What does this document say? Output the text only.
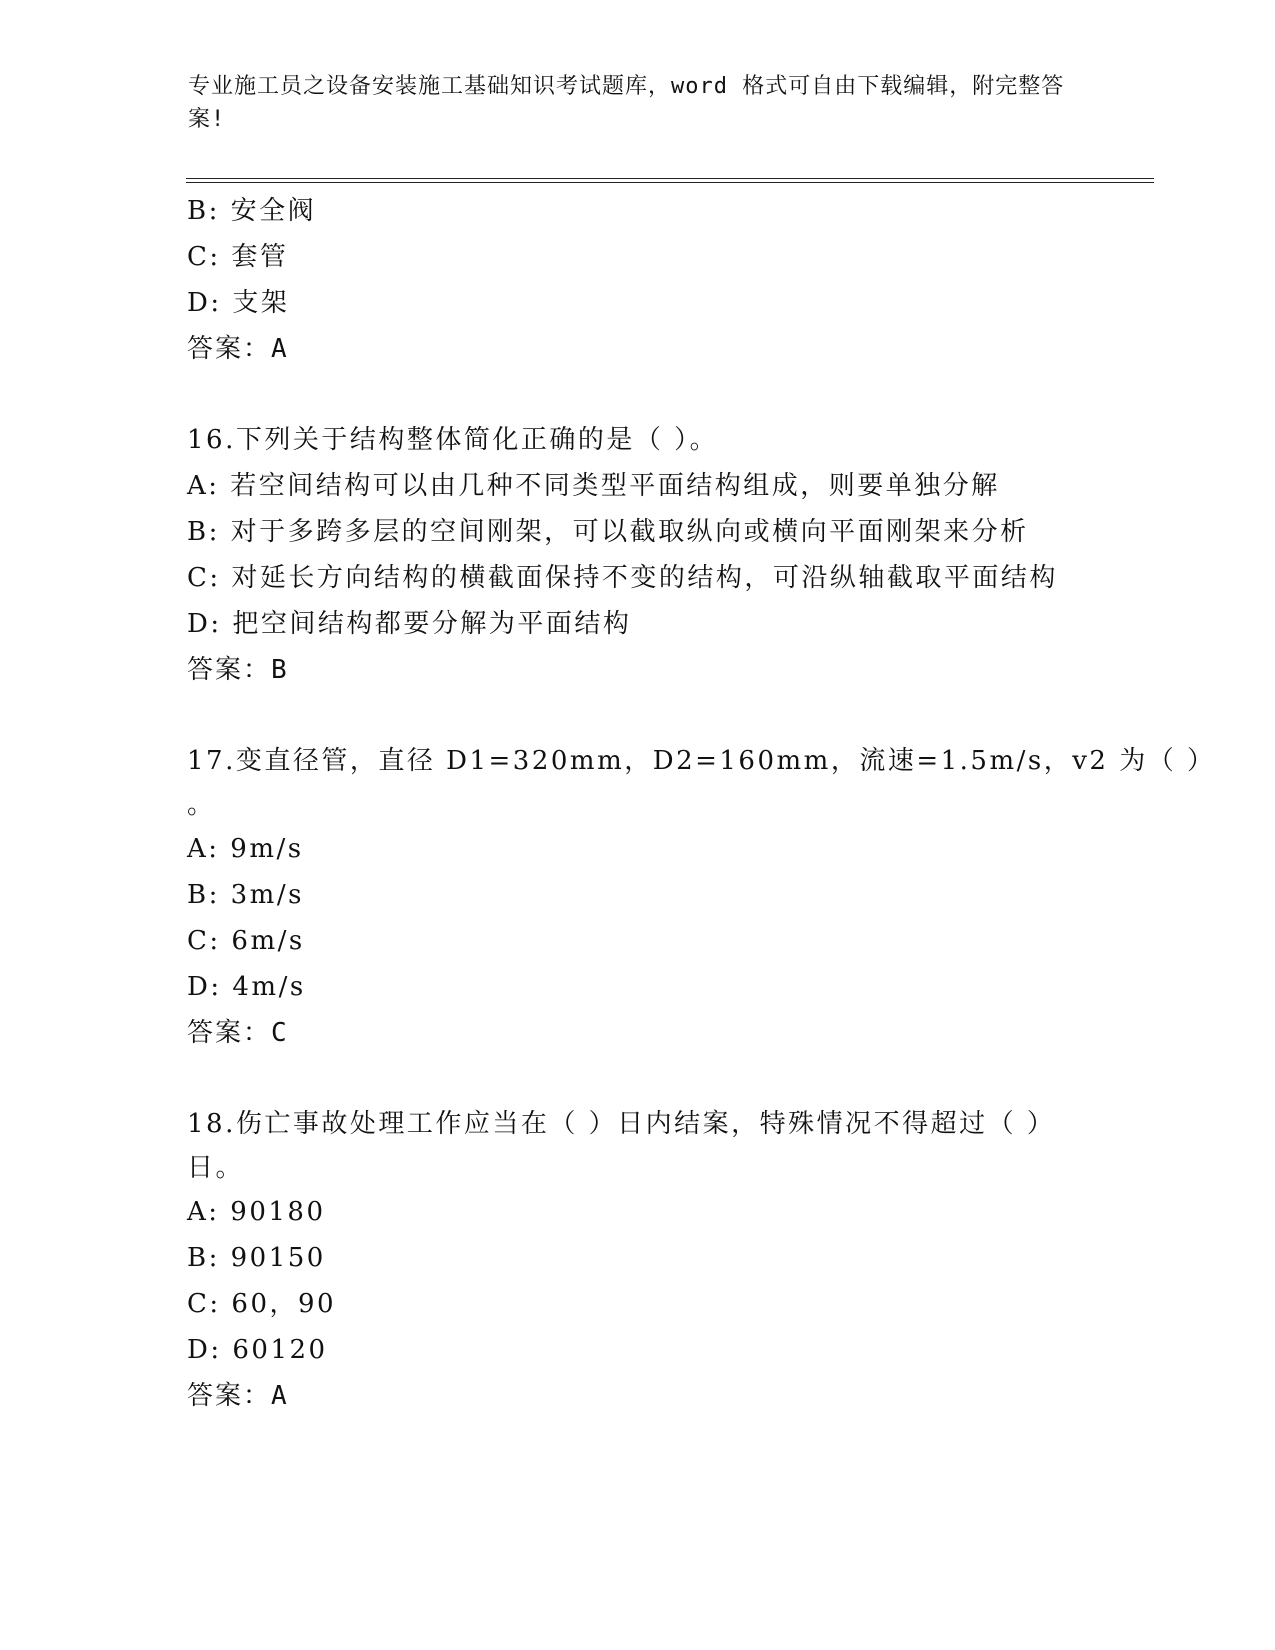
专业施工员之设备安装施工基础知识考试题库，word 格式可自由下载编辑，附完整答案!
B: 安全阀
C: 套管
D: 支架
答案：A
16.下列关于结构整体简化正确的是（ ）。
A: 若空间结构可以由几种不同类型平面结构组成，则要单独分解
B: 对于多跨多层的空间刚架，可以截取纵向或横向平面刚架来分析
C: 对延长方向结构的横截面保持不变的结构，可沿纵轴截取平面结构
D: 把空间结构都要分解为平面结构
答案：B
17.变直径管，直径 D1=320mm，D2=160mm，流速=1.5m/s，v2 为（ ）
。
A: 9m/s
B: 3m/s
C: 6m/s
D: 4m/s
答案：C
18.伤亡事故处理工作应当在（ ）日内结案，特殊情况不得超过（ ）
日。
A: 90180
B: 90150
C: 60，90
D: 60120
答案：A
